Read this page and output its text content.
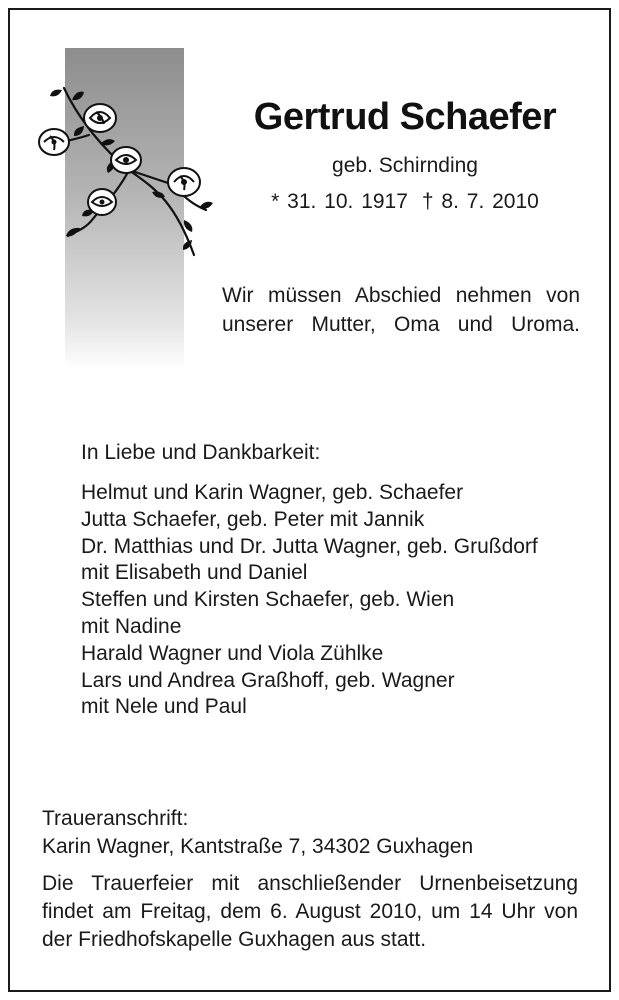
Gertrud Schaefer
geb. Schirnding
* 31. 10. 1917 † 8. 7. 2010
Wir müssen Abschied nehmen von
unserer Mutter, Oma und Uroma.
In Liebe und Dankbarkeit:
Helmut und Karin Wagner, geb. Schaefer
Jutta Schaefer, geb. Peter mit Jannik
Dr. Matthias und Dr. Jutta Wagner, geb. Grußdorf
mit Elisabeth und Daniel
Steffen und Kirsten Schaefer, geb. Wien
mit Nadine
Harald Wagner und Viola Zühlke
Lars und Andrea Graßhoff, geb. Wagner
mit Nele und Paul
Traueranschrift:
Karin Wagner, Kantstraße 7, 34302 Guxhagen
Die Trauerfeier mit anschließender Urnenbeisetzung
findet am Freitag, dem 6. August 2010, um 14 Uhr von
der Friedhofskapelle Guxhagen aus statt.
